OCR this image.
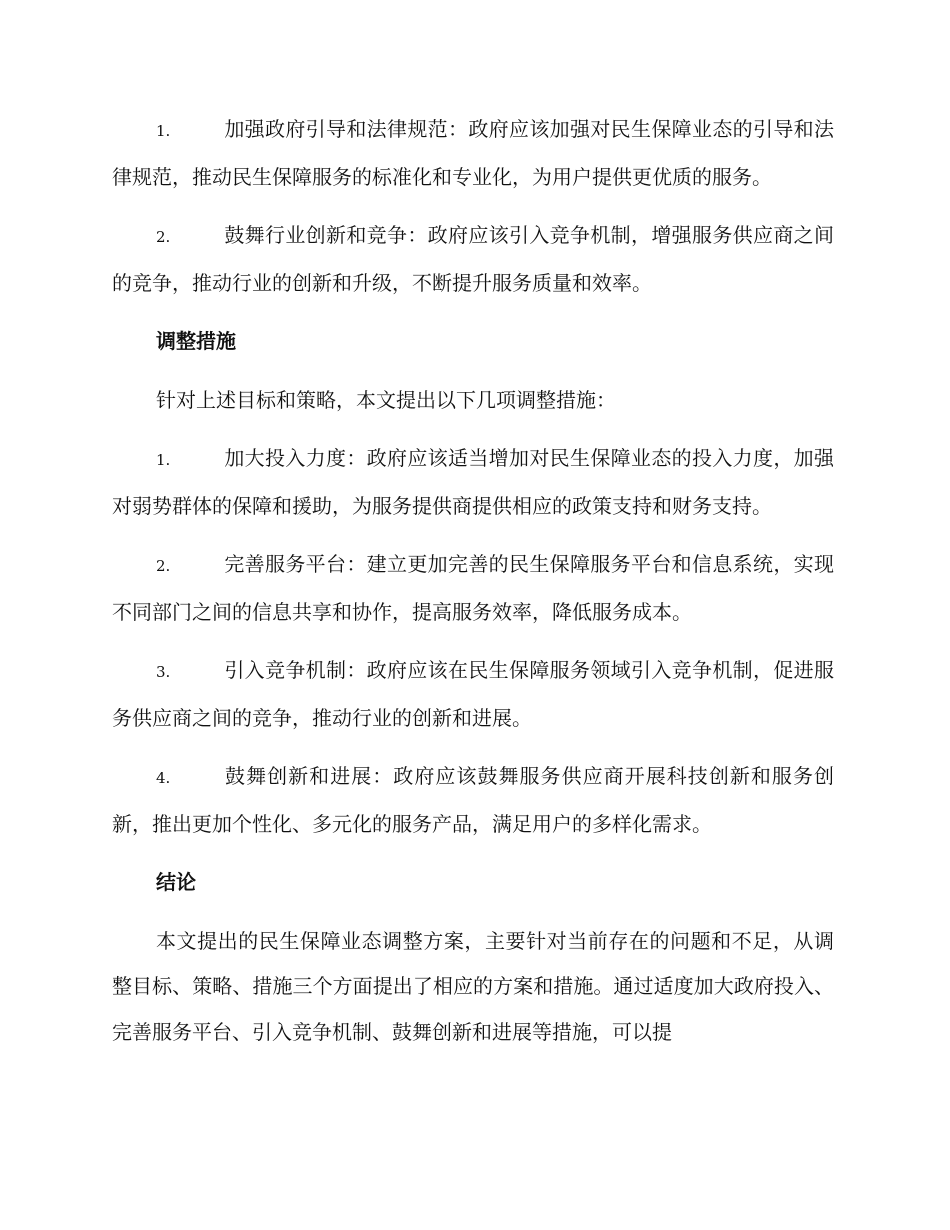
1.	加强政府引导和法律规范：政府应该加强对民生保障业态的引导和法律规范，推动民生保障服务的标准化和专业化，为用户提供更优质的服务。

2.	鼓舞行业创新和竞争：政府应该引入竞争机制，增强服务供应商之间的竞争，推动行业的创新和升级，不断提升服务质量和效率。

调整措施

针对上述目标和策略，本文提出以下几项调整措施：

1.	加大投入力度：政府应该适当增加对民生保障业态的投入力度，加强对弱势群体的保障和援助，为服务提供商提供相应的政策支持和财务支持。

2.	完善服务平台：建立更加完善的民生保障服务平台和信息系统，实现不同部门之间的信息共享和协作，提高服务效率，降低服务成本。

3.	引入竞争机制：政府应该在民生保障服务领域引入竞争机制，促进服务供应商之间的竞争，推动行业的创新和进展。

4.	鼓舞创新和进展：政府应该鼓舞服务供应商开展科技创新和服务创新，推出更加个性化、多元化的服务产品，满足用户的多样化需求。

结论

本文提出的民生保障业态调整方案，主要针对当前存在的问题和不足，从调整目标、策略、措施三个方面提出了相应的方案和措施。通过适度加大政府投入、完善服务平台、引入竞争机制、鼓舞创新和进展等措施，可以提
